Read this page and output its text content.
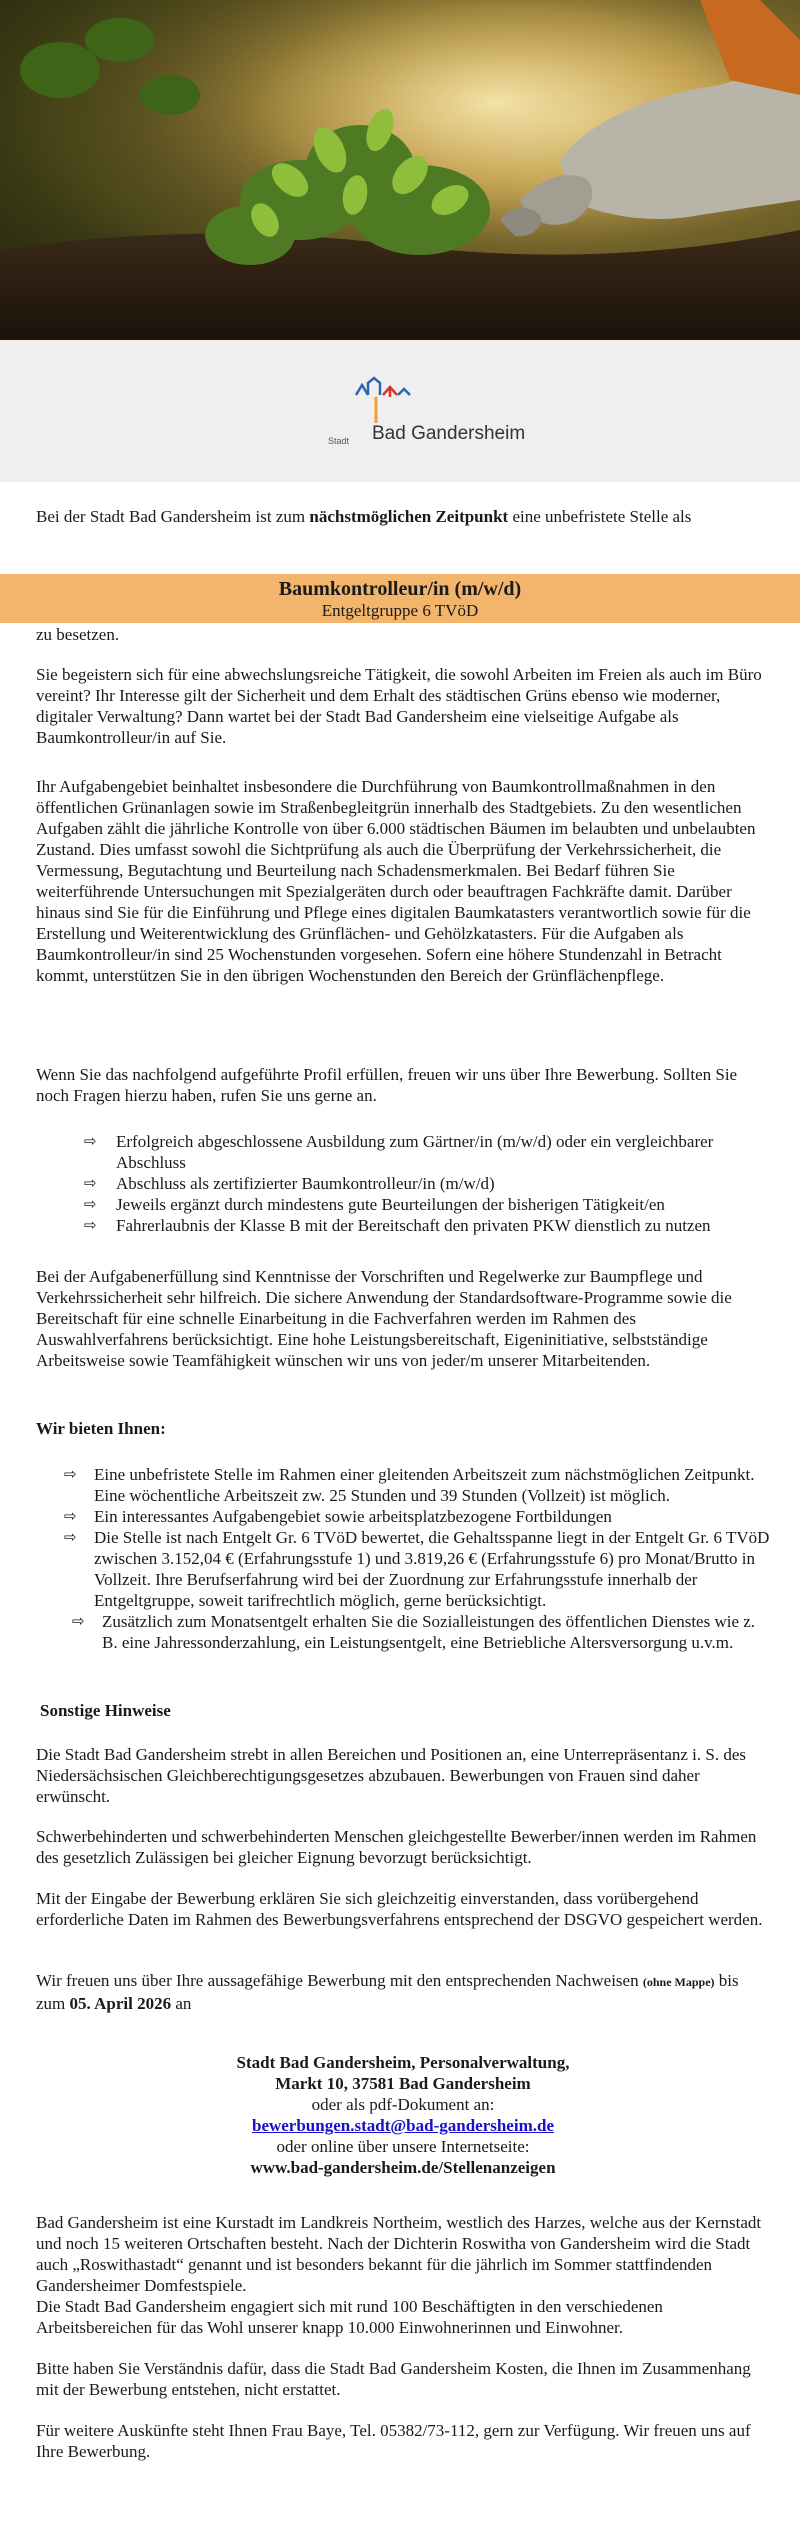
Stadt Bad Gandersheim

Bei der Stadt Bad Gandersheim ist zum nächstmöglichen Zeitpunkt eine unbefristete Stelle als

Baumkontrolleur/in (m/w/d)
Entgeltgruppe 6 TVöD

zu besetzen.

Sie begeistern sich für eine abwechslungsreiche Tätigkeit, die sowohl Arbeiten im Freien als auch im Büro vereint? Ihr Interesse gilt der Sicherheit und dem Erhalt des städtischen Grüns ebenso wie moderner, digitaler Verwaltung? Dann wartet bei der Stadt Bad Gandersheim eine vielseitige Aufgabe als Baumkontrolleur/in auf Sie.

Ihr Aufgabengebiet beinhaltet insbesondere die Durchführung von Baumkontrollmaßnahmen in den öffentlichen Grünanlagen sowie im Straßenbegleitgrün innerhalb des Stadtgebiets. Zu den wesentlichen Aufgaben zählt die jährliche Kontrolle von über 6.000 städtischen Bäumen im belaubten und unbelaubten Zustand. Dies umfasst sowohl die Sichtprüfung als auch die Überprüfung der Verkehrssicherheit, die Vermessung, Begutachtung und Beurteilung nach Schadensmerkmalen. Bei Bedarf führen Sie weiterführende Untersuchungen mit Spezialgeräten durch oder beauftragen Fachkräfte damit. Darüber hinaus sind Sie für die Einführung und Pflege eines digitalen Baumkatasters verantwortlich sowie für die Erstellung und Weiterentwicklung des Grünflächen- und Gehölzkatasters. Für die Aufgaben als Baumkontrolleur/in sind 25 Wochenstunden vorgesehen. Sofern eine höhere Stundenzahl in Betracht kommt, unterstützen Sie in den übrigen Wochenstunden den Bereich der Grünflächenpflege.

Wenn Sie das nachfolgend aufgeführte Profil erfüllen, freuen wir uns über Ihre Bewerbung. Sollten Sie noch Fragen hierzu haben, rufen Sie uns gerne an.

⇨ Erfolgreich abgeschlossene Ausbildung zum Gärtner/in (m/w/d) oder ein vergleichbarer Abschluss
⇨ Abschluss als zertifizierter Baumkontrolleur/in (m/w/d)
⇨ Jeweils ergänzt durch mindestens gute Beurteilungen der bisherigen Tätigkeit/en
⇨ Fahrerlaubnis der Klasse B mit der Bereitschaft den privaten PKW dienstlich zu nutzen

Bei der Aufgabenerfüllung sind Kenntnisse der Vorschriften und Regelwerke zur Baumpflege und Verkehrssicherheit sehr hilfreich. Die sichere Anwendung der Standardsoftware-Programme sowie die Bereitschaft für eine schnelle Einarbeitung in die Fachverfahren werden im Rahmen des Auswahlverfahrens berücksichtigt. Eine hohe Leistungsbereitschaft, Eigeninitiative, selbstständige Arbeitsweise sowie Teamfähigkeit wünschen wir uns von jeder/m unserer Mitarbeitenden.

Wir bieten Ihnen:

⇨ Eine unbefristete Stelle im Rahmen einer gleitenden Arbeitszeit zum nächstmöglichen Zeitpunkt. Eine wöchentliche Arbeitszeit zw. 25 Stunden und 39 Stunden (Vollzeit) ist möglich.
⇨ Ein interessantes Aufgabengebiet sowie arbeitsplatzbezogene Fortbildungen
⇨ Die Stelle ist nach Entgelt Gr. 6 TVöD bewertet, die Gehaltsspanne liegt in der Entgelt Gr. 6 TVöD zwischen 3.152,04 € (Erfahrungsstufe 1) und 3.819,26 € (Erfahrungsstufe 6) pro Monat/Brutto in Vollzeit. Ihre Berufserfahrung wird bei der Zuordnung zur Erfahrungsstufe innerhalb der Entgeltgruppe, soweit tarifrechtlich möglich, gerne berücksichtigt.
⇨ Zusätzlich zum Monatsentgelt erhalten Sie die Sozialleistungen des öffentlichen Dienstes wie z. B. eine Jahressonderzahlung, ein Leistungsentgelt, eine Betriebliche Altersversorgung u.v.m.

Sonstige Hinweise

Die Stadt Bad Gandersheim strebt in allen Bereichen und Positionen an, eine Unterrepräsentanz i. S. des Niedersächsischen Gleichberechtigungsgesetzes abzubauen. Bewerbungen von Frauen sind daher erwünscht.

Schwerbehinderten und schwerbehinderten Menschen gleichgestellte Bewerber/innen werden im Rahmen des gesetzlich Zulässigen bei gleicher Eignung bevorzugt berücksichtigt.

Mit der Eingabe der Bewerbung erklären Sie sich gleichzeitig einverstanden, dass vorübergehend erforderliche Daten im Rahmen des Bewerbungsverfahrens entsprechend der DSGVO gespeichert werden.

Wir freuen uns über Ihre aussagefähige Bewerbung mit den entsprechenden Nachweisen (ohne Mappe) bis zum 05. April 2026 an

Stadt Bad Gandersheim, Personalverwaltung,
Markt 10, 37581 Bad Gandersheim
oder als pdf-Dokument an:
bewerbungen.stadt@bad-gandersheim.de
oder online über unsere Internetseite:
www.bad-gandersheim.de/Stellenanzeigen

Bad Gandersheim ist eine Kurstadt im Landkreis Northeim, westlich des Harzes, welche aus der Kernstadt und noch 15 weiteren Ortschaften besteht. Nach der Dichterin Roswitha von Gandersheim wird die Stadt auch „Roswithastadt“ genannt und ist besonders bekannt für die jährlich im Sommer stattfindenden Gandersheimer Domfestspiele.

Die Stadt Bad Gandersheim engagiert sich mit rund 100 Beschäftigten in den verschiedenen Arbeitsbereichen für das Wohl unserer knapp 10.000 Einwohnerinnen und Einwohner.

Bitte haben Sie Verständnis dafür, dass die Stadt Bad Gandersheim Kosten, die Ihnen im Zusammenhang mit der Bewerbung entstehen, nicht erstattet.

Für weitere Auskünfte steht Ihnen Frau Baye, Tel. 05382/73-112, gern zur Verfügung. Wir freuen uns auf Ihre Bewerbung.
